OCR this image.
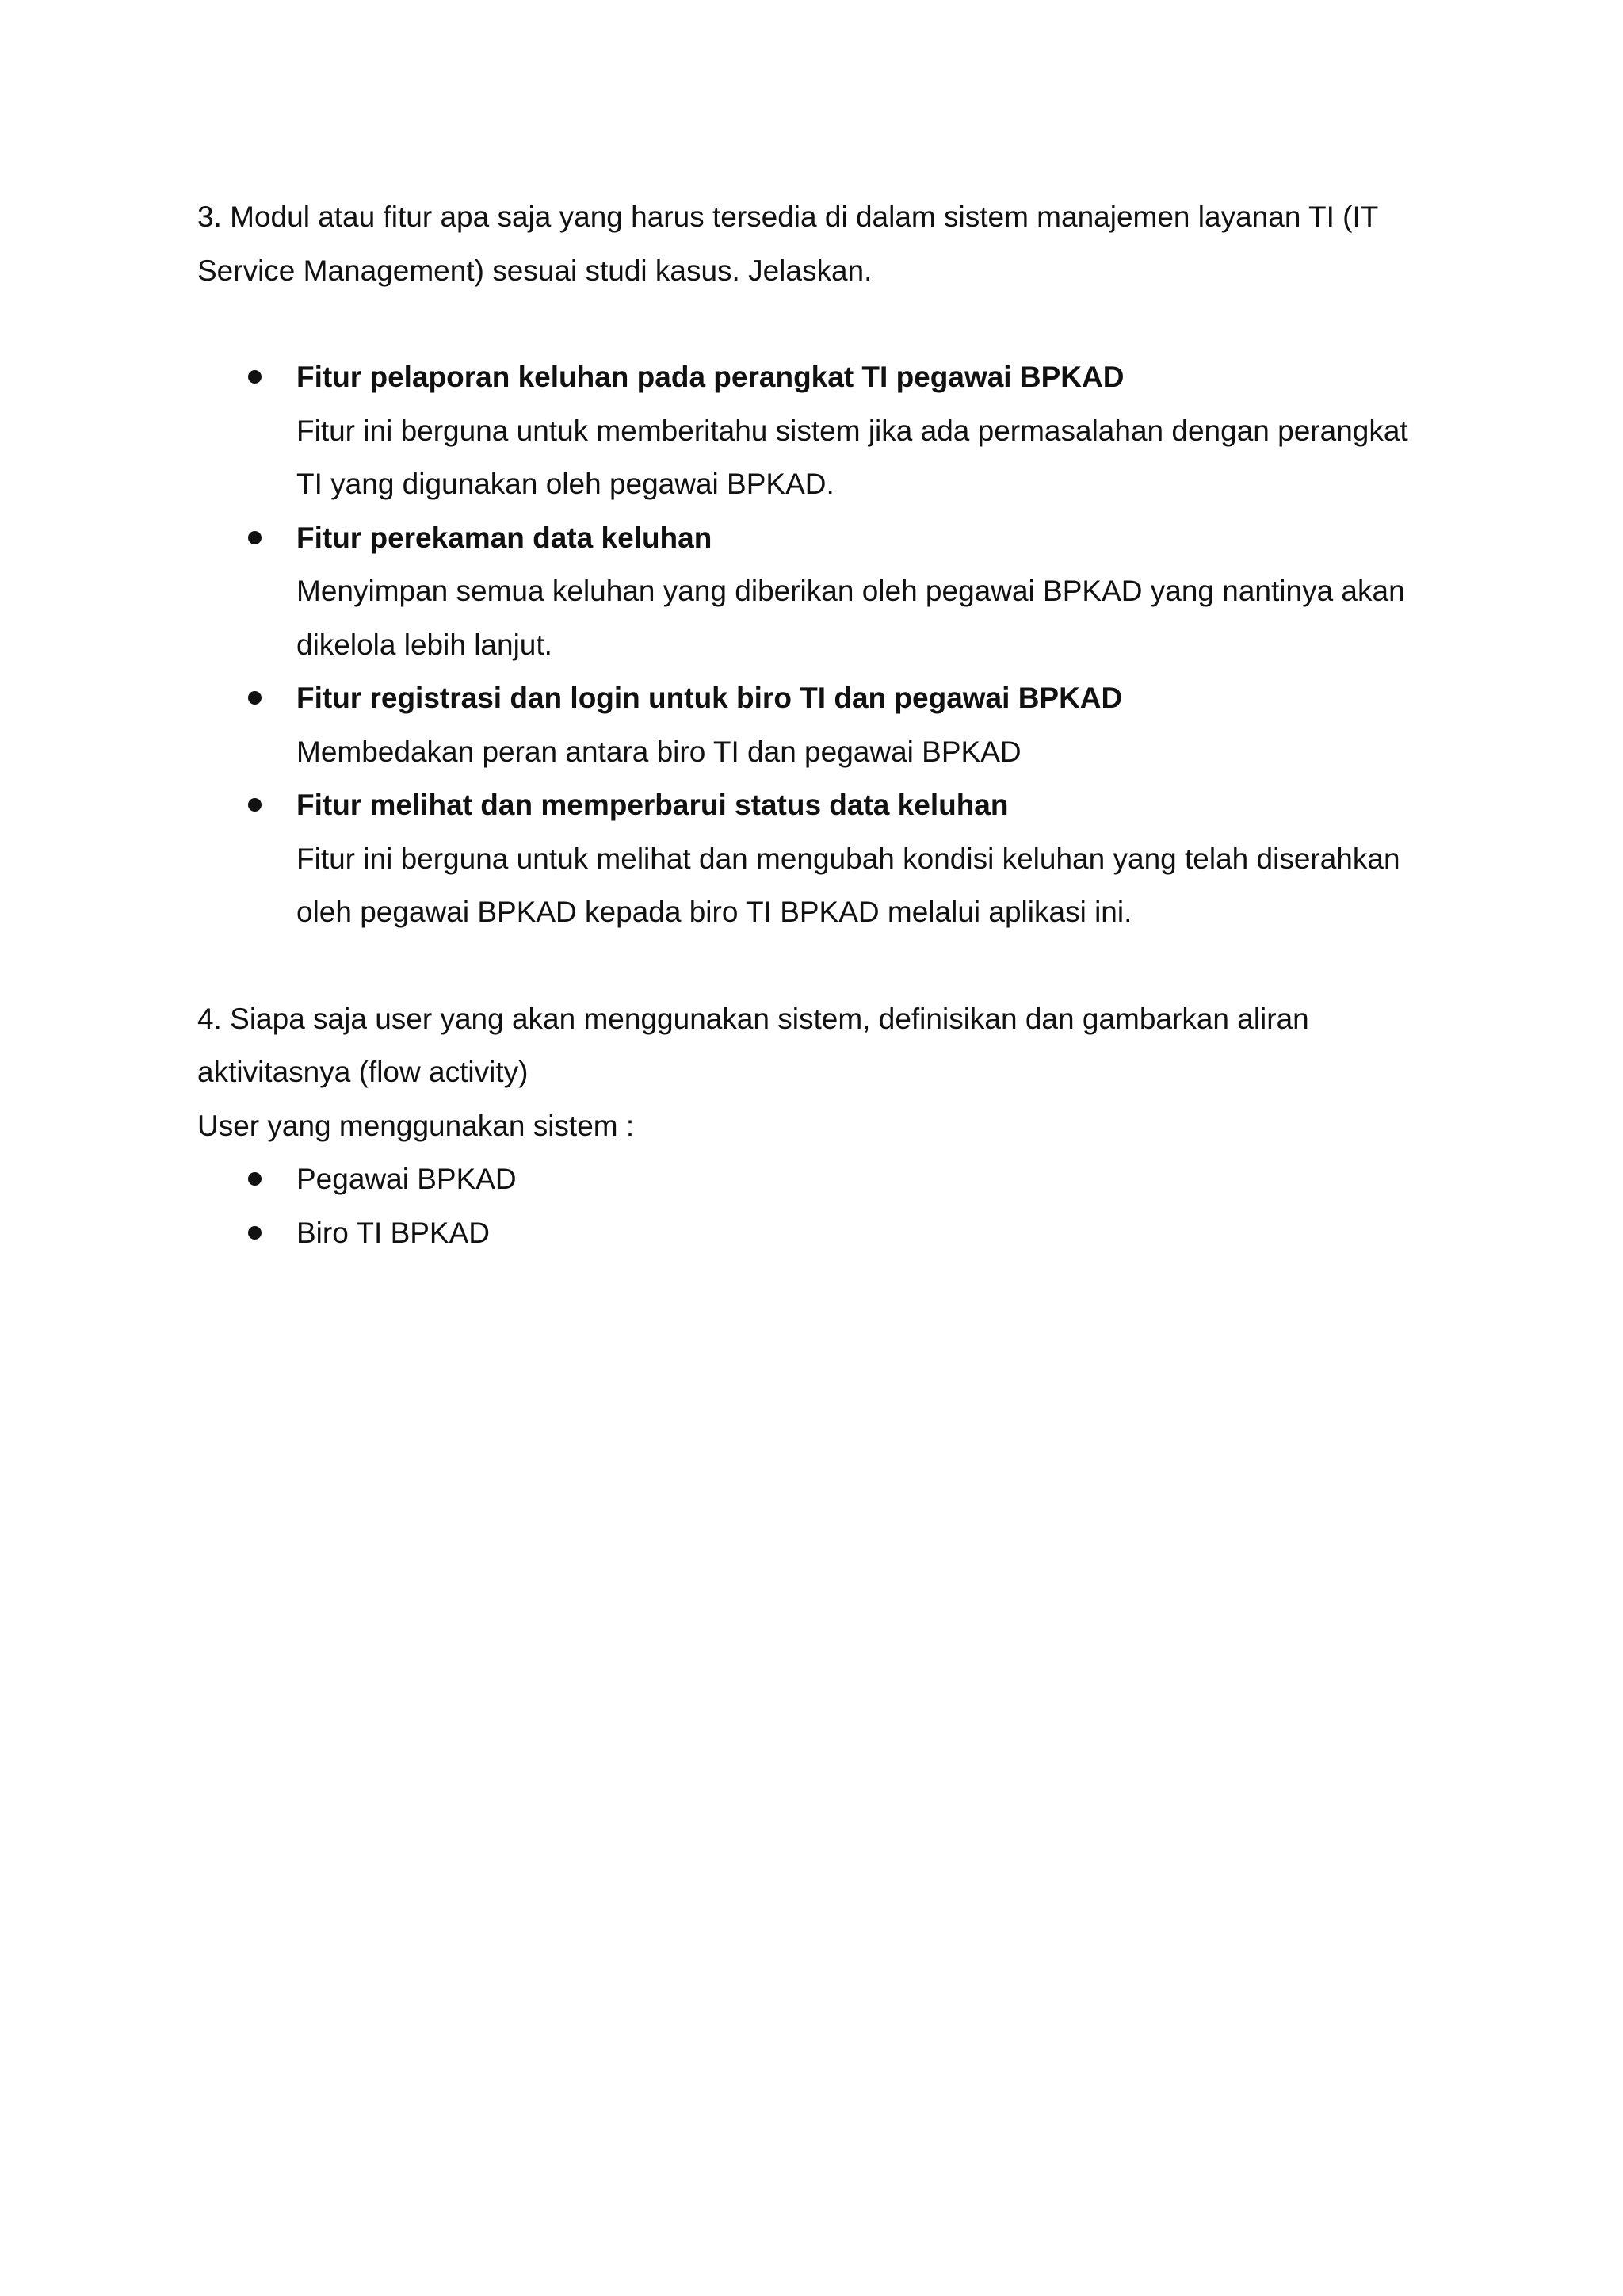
3. Modul atau fitur apa saja yang harus tersedia di dalam sistem manajemen layanan TI (IT Service Management) sesuai studi kasus. Jelaskan.

Fitur pelaporan keluhan pada perangkat TI pegawai BPKAD
Fitur ini berguna untuk memberitahu sistem jika ada permasalahan dengan perangkat TI yang digunakan oleh pegawai BPKAD.
Fitur perekaman data keluhan
Menyimpan semua keluhan yang diberikan oleh pegawai BPKAD yang nantinya akan dikelola lebih lanjut.
Fitur registrasi dan login untuk biro TI dan pegawai BPKAD
Membedakan peran antara biro TI dan pegawai BPKAD
Fitur melihat dan memperbarui status data keluhan
Fitur ini berguna untuk melihat dan mengubah kondisi keluhan yang telah diserahkan oleh pegawai BPKAD kepada biro TI BPKAD melalui aplikasi ini.

4. Siapa saja user yang akan menggunakan sistem, definisikan dan gambarkan aliran aktivitasnya (flow activity)

User yang menggunakan sistem :

Pegawai BPKAD
Biro TI BPKAD
